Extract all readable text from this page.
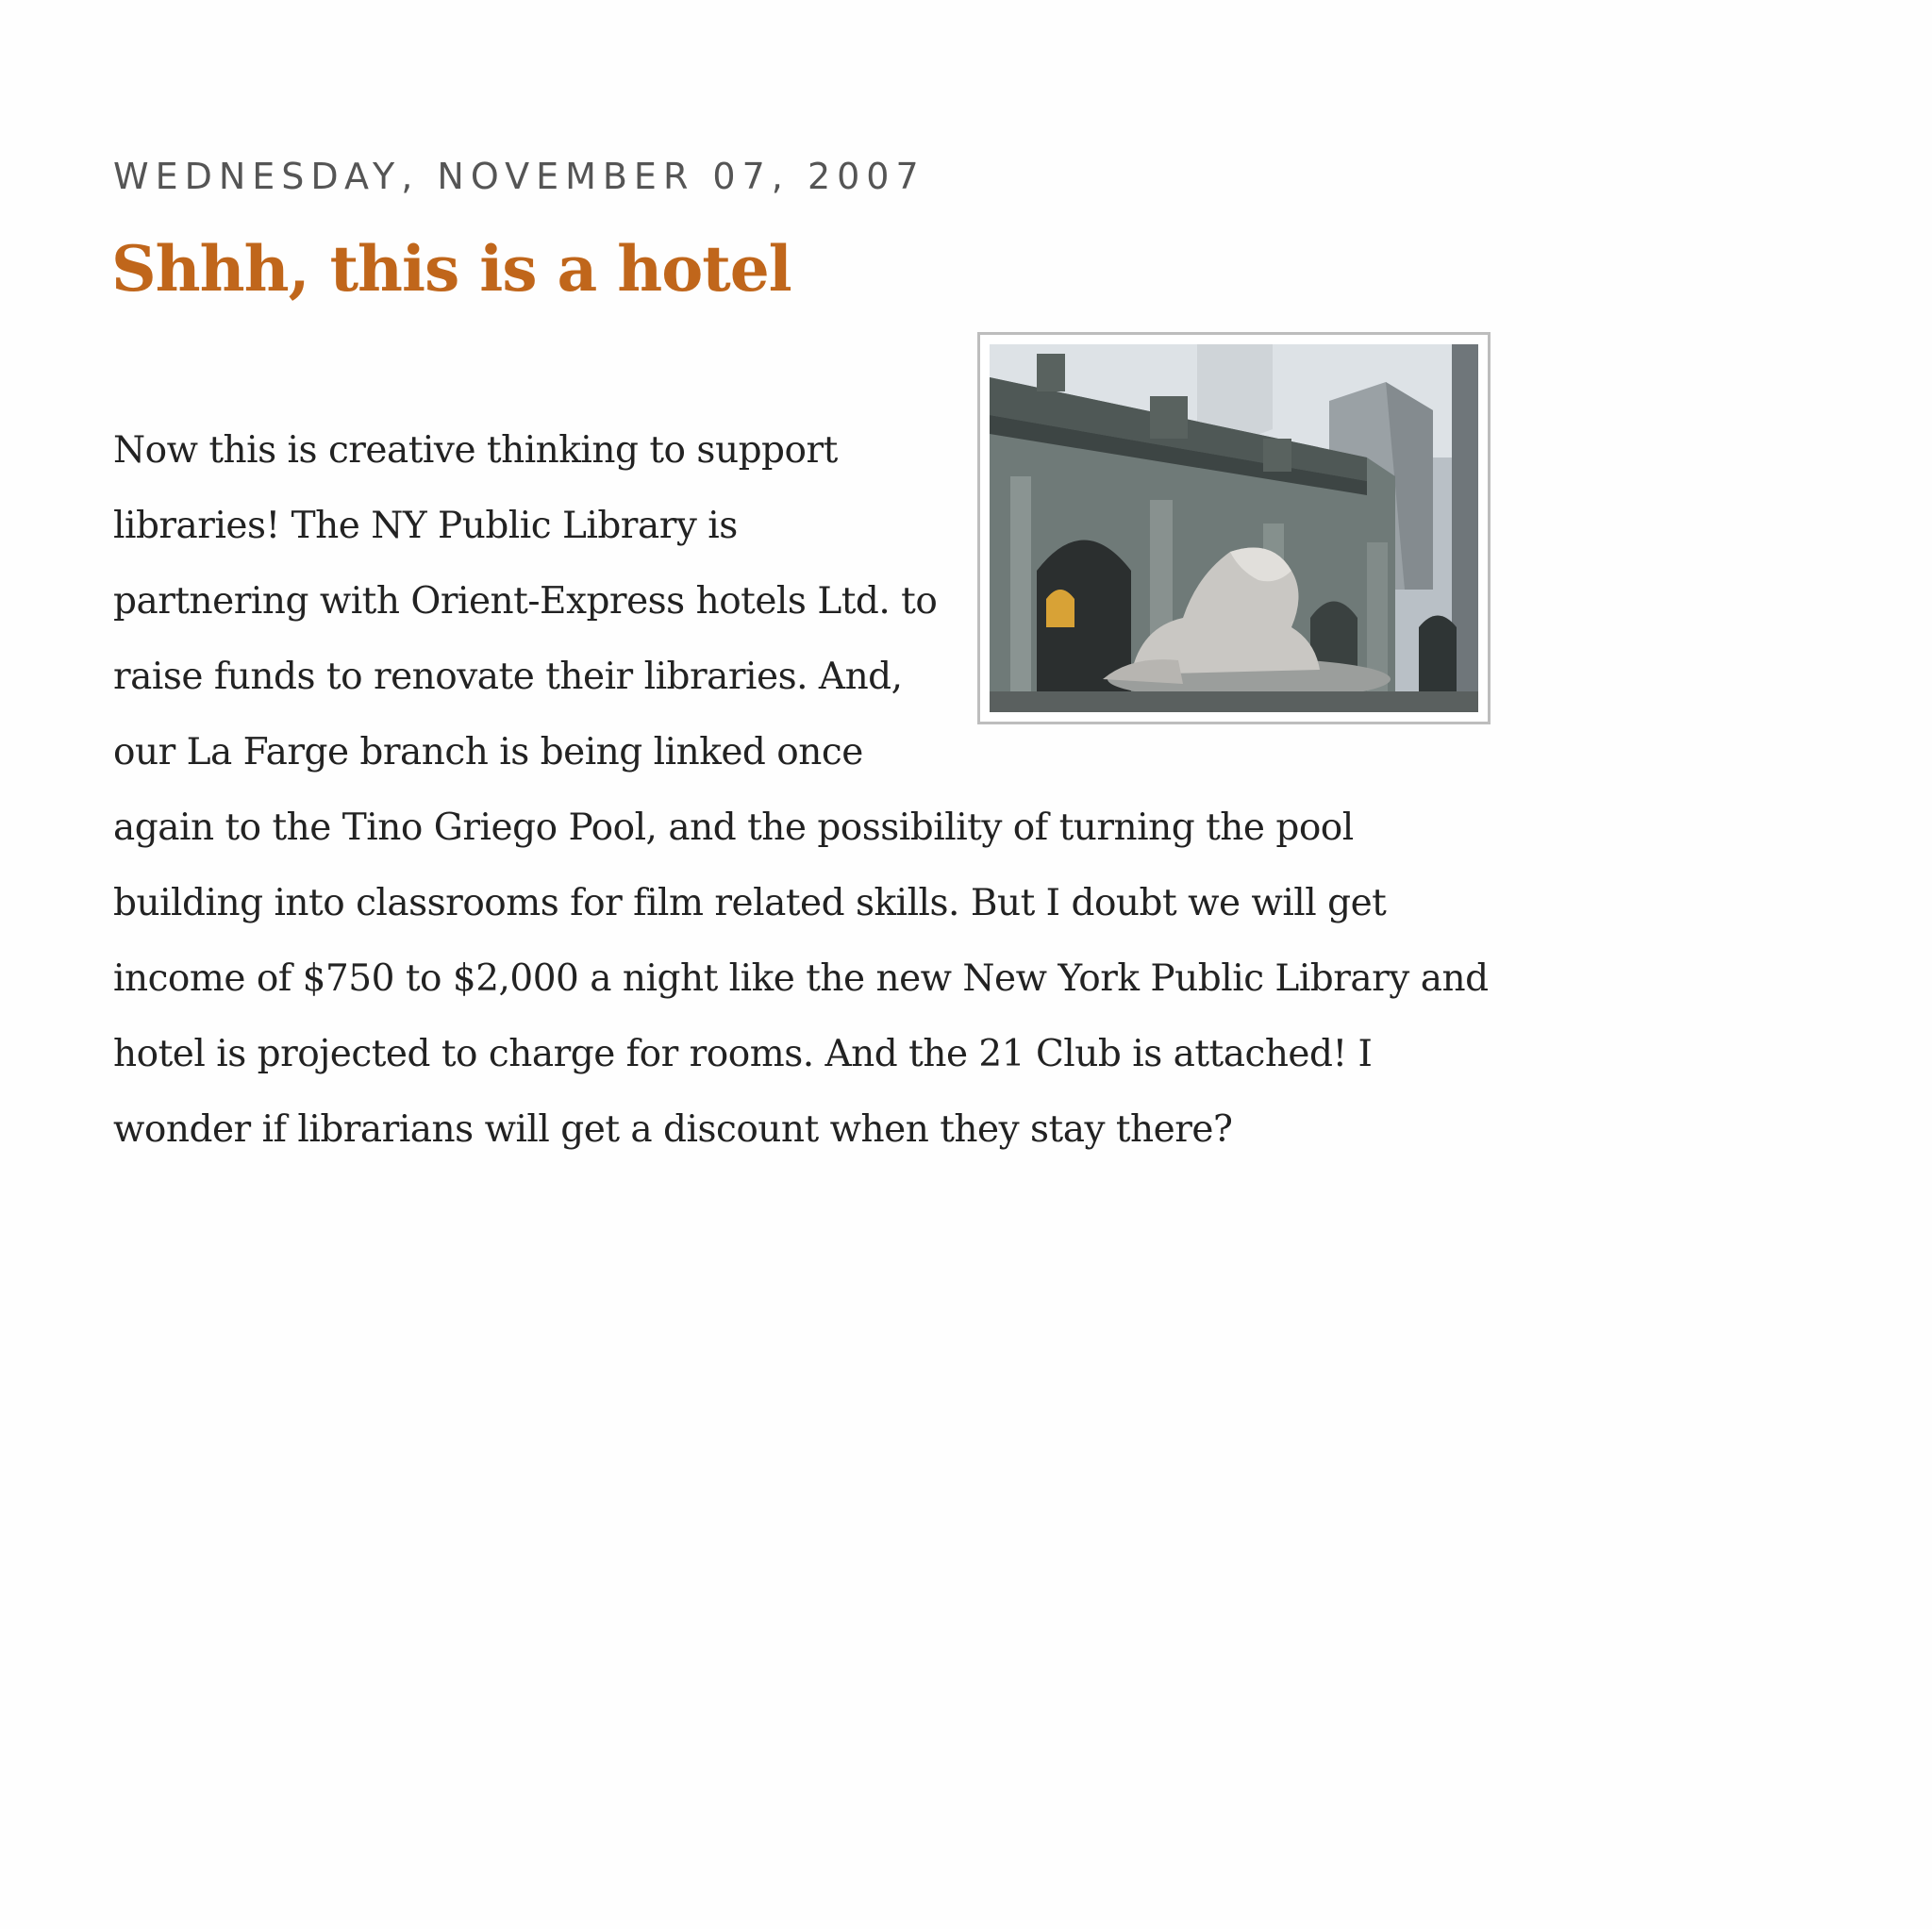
WEDNESDAY, NOVEMBER 07, 2007
Shhh, this is a hotel
Now this is creative thinking to support libraries! The NY Public Library is partnering with Orient-Express hotels Ltd. to raise funds to renovate their libraries. And, our La Farge branch is being linked once again to the Tino Griego Pool, and the possibility of turning the pool building into classrooms for film related skills. But I doubt we will get income of $750 to $2,000 a night like the new New York Public Library and hotel is projected to charge for rooms. And the 21 Club is attached! I wonder if librarians will get a discount when they stay there?
